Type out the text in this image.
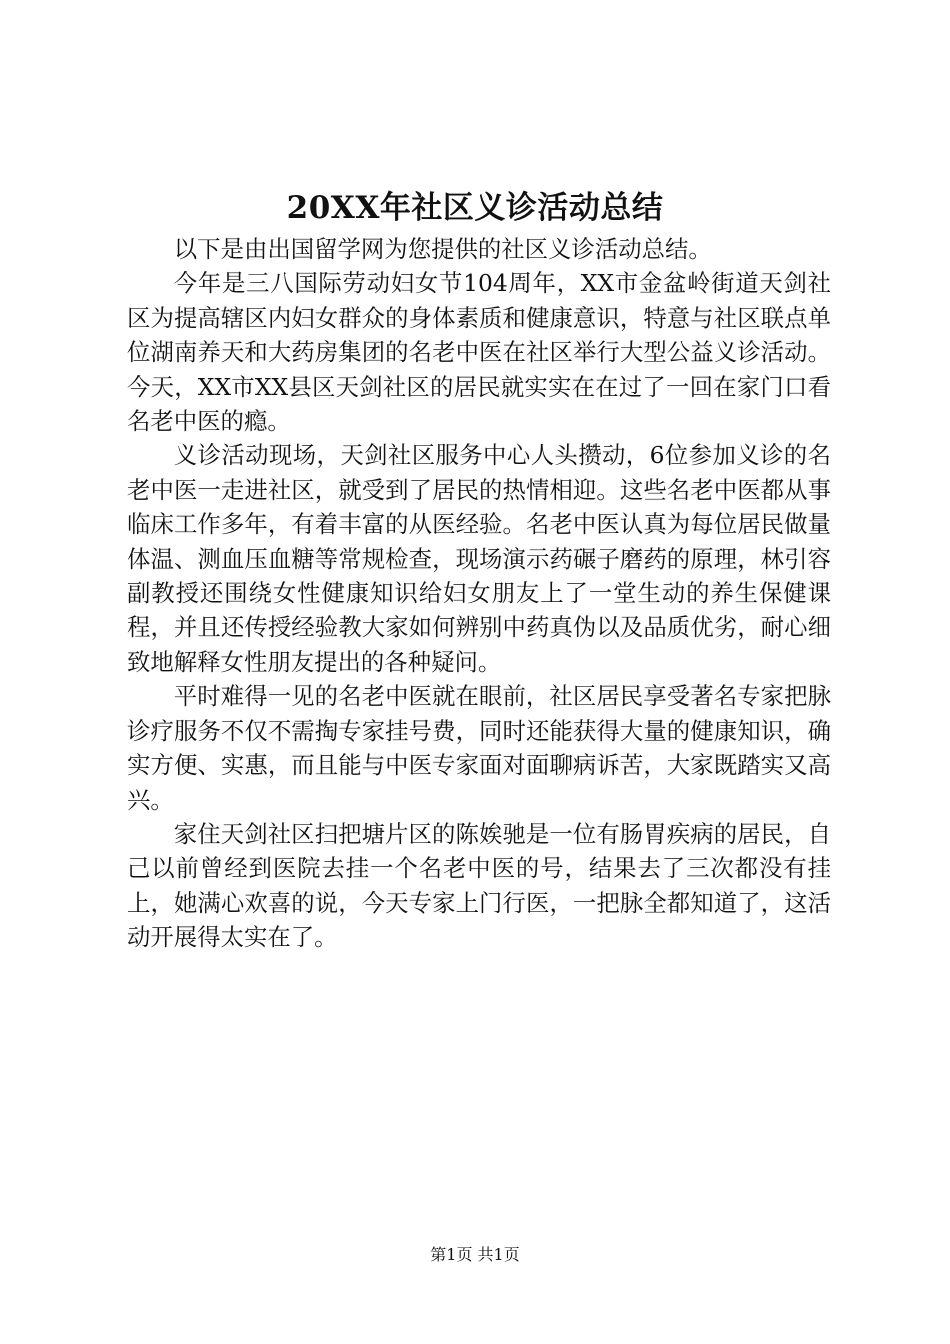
20XX年社区义诊活动总结

以下是由出国留学网为您提供的社区义诊活动总结。

今年是三八国际劳动妇女节104周年，XX市金盆岭街道天剑社区为提高辖区内妇女群众的身体素质和健康意识，特意与社区联点单位湖南养天和大药房集团的名老中医在社区举行大型公益义诊活动。今天，XX市XX县区天剑社区的居民就实实在在过了一回在家门口看名老中医的瘾。

义诊活动现场，天剑社区服务中心人头攒动，6位参加义诊的名老中医一走进社区，就受到了居民的热情相迎。这些名老中医都从事临床工作多年，有着丰富的从医经验。名老中医认真为每位居民做量体温、测血压血糖等常规检查，现场演示药碾子磨药的原理，林引容副教授还围绕女性健康知识给妇女朋友上了一堂生动的养生保健课程，并且还传授经验教大家如何辨别中药真伪以及品质优劣，耐心细致地解释女性朋友提出的各种疑问。

平时难得一见的名老中医就在眼前，社区居民享受著名专家把脉诊疗服务不仅不需掏专家挂号费，同时还能获得大量的健康知识，确实方便、实惠，而且能与中医专家面对面聊病诉苦，大家既踏实又高兴。

家住天剑社区扫把塘片区的陈娭驰是一位有肠胃疾病的居民，自己以前曾经到医院去挂一个名老中医的号，结果去了三次都没有挂上，她满心欢喜的说，今天专家上门行医，一把脉全都知道了，这活动开展得太实在了。

第1页 共1页
